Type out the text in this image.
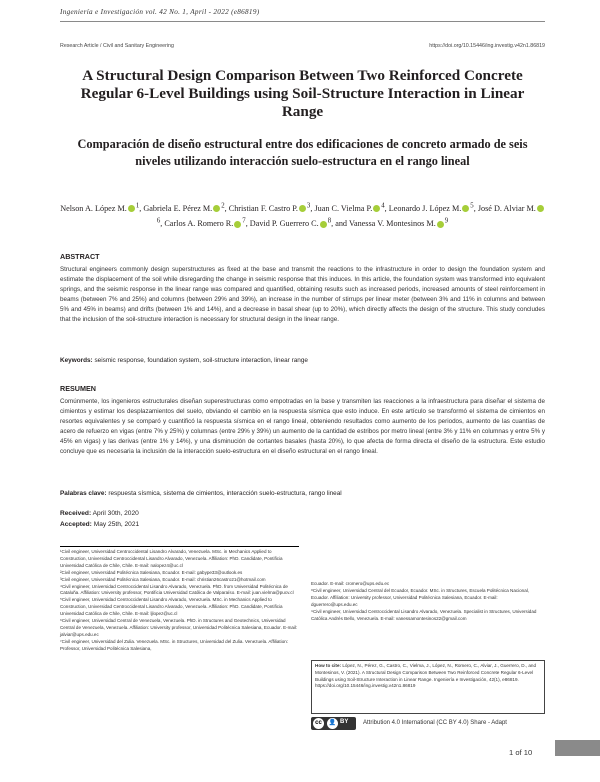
Ingeniería e Investigación vol. 42 No. 1, April - 2022 (e86819)
Research Article / Civil and Sanitary Engineering	https://doi.org/10.15446/ing.investig.v42n1.86819
A Structural Design Comparison Between Two Reinforced Concrete Regular 6-Level Buildings using Soil-Structure Interaction in Linear Range
Comparación de diseño estructural entre dos edificaciones de concreto armado de seis niveles utilizando interacción suelo-estructura en el rango lineal
Nelson A. López M. $^1$, Gabriela E. Pérez M. $^2$, Christian F. Castro P. $^3$, Juan C. Vielma P. $^4$, Leonardo J. López M. $^5$, José D. Alviar M.$^6$, Carlos A. Romero R. $^7$, David P. Guerrero C. $^8$, and Vanessa V. Montesinos M. $^9$
ABSTRACT
Structural engineers commonly design superstructures as fixed at the base and transmit the reactions to the infrastructure in order to design the foundation system and estimate the displacement of the soil while disregarding the change in seismic response that this induces. In this article, the foundation system was transformed into equivalent springs, and the seismic response in the linear range was compared and quantified, obtaining results such as increased periods, increased amounts of steel reinforcement in beams (between 7% and 25%) and columns (between 29% and 39%), an increase in the number of stirrups per linear meter (between 3% and 11% in columns and between 5% and 45% in beams) and drifts (between 1% and 14%), and a decrease in basal shear (up to 20%), which directly affects the design of the structure. This study concludes that the inclusion of the soil-structure interaction is necessary for structural design in the linear range.
Keywords: seismic response, foundation system, soil-structure interaction, linear range
RESUMEN
Comúnmente, los ingenieros estructurales diseñan superestructuras como empotradas en la base y transmiten las reacciones a la infraestructura para diseñar el sistema de cimientos y estimar los desplazamientos del suelo, obviando el cambio en la respuesta sísmica que esto induce. En este artículo se transformó el sistema de cimientos en resortes equivalentes y se comparó y cuantificó la respuesta sísmica en el rango lineal, obteniendo resultados como aumento de los periodos, aumento de las cuantías de acero de refuerzo en vigas (entre 7% y 25%) y columnas (entre 29% y 39%) un aumento de la cantidad de estribos por metro lineal (entre 3% y 11% en columnas y entre 5% y 45% en vigas) y las derivas (entre 1% y 14%), y una disminución de cortantes basales (hasta 20%), lo que afecta de forma directa el diseño de la estructura. Este estudio concluye que es necesaria la inclusión de la interacción suelo-estructura en el diseño estructural en el rango lineal.
Palabras clave: respuesta sísmica, sistema de cimientos, interacción suelo-estructura, rango lineal
Received: April 30th, 2020
Accepted: May 25th, 2021
¹Civil engineer, Universidad Centroccidental Lisandro Alvarado, Venezuela. MSc. in Mechanics Applied to Construction, Universidad Centroccidental Lisandro Alvarado, Venezuela. Affiliation: PhD. Candidate, Pontificia Universidad Católica de Chile, Chile. E-mail: nalopez4@uc.cl
²Civil engineer, Universidad Politécnica Salesiana, Ecuador. E-mail: gabype33@outlook.es
³Civil engineer, Universidad Politécnica Salesiana, Ecuador. E-mail: christian26castro21@hotmail.com
⁴Civil engineer, Universidad Centroccidental Lisandro Alvarado, Venezuela. PhD. from Universidad Politécnica de Cataluña. Affiliation: University professor, Pontificia Universidad Católica de Valparaíso. E-mail: juan.vielma@pucv.cl
⁵Civil engineer, Universidad Centroccidental Lisandro Alvarado, Venezuela. MSc. in Mechanics Applied to Construction, Universidad Centroccidental Lisandro Alvarado, Venezuela. Affiliation: PhD. Candidate, Pontificia Universidad Católica de Chile, Chile. E-mail: ljlopez@uc.cl
⁶Civil engineer, Universidad Central de Venezuela, Venezuela. PhD. in Structures and Geotechnics, Universidad Central de Venezuela, Venezuela. Affiliation: University professor, Universidad Politécnica Salesiana, Ecuador. E-mail: jalviar@ups.edu.ec
⁷Civil engineer, Universidad del Zulia. Venezuela. MSc. in Structures, Universidad del Zulia. Venezuela. Affiliation: Professor, Universidad Politécnica Salesiana,
Ecuador. E-mail: cromero@ups.edu.ec
⁸Civil engineer, Universidad Central del Ecuador, Ecuador. MSc. in Structures, Escuela Politécnica Nacional, Ecuador. Affiliation: University professor, Universidad Politécnica Salesiana, Ecuador. E-mail: dguerrero@ups.edu.ec
⁹Civil engineer, Universidad Centroccidental Lisandro Alvarado, Venezuela. Specialist in Structures, Universidad Católica Andrés Bello, Venezuela. E-mail: vanessamontesinos22@gmail.com
How to cite: López, N., Pérez, G., Castro, C., Vielma, J., López, N., Romero, C., Alviar, J., Guerrero, D., and Montesinos, V. (2021). A Structural Design Comparison Between Two Reinforced Concrete Regular 6-Level Buildings using Soil-Structure Interaction in Linear Range. Ingeniería e Investigación, 42(1), e86819. https://doi.org/10.15446/ing.investig.v42n1.86819
cc	👤 BY Attribution 4.0 International (CC BY 4.0) Share - Adapt
1 of 10
